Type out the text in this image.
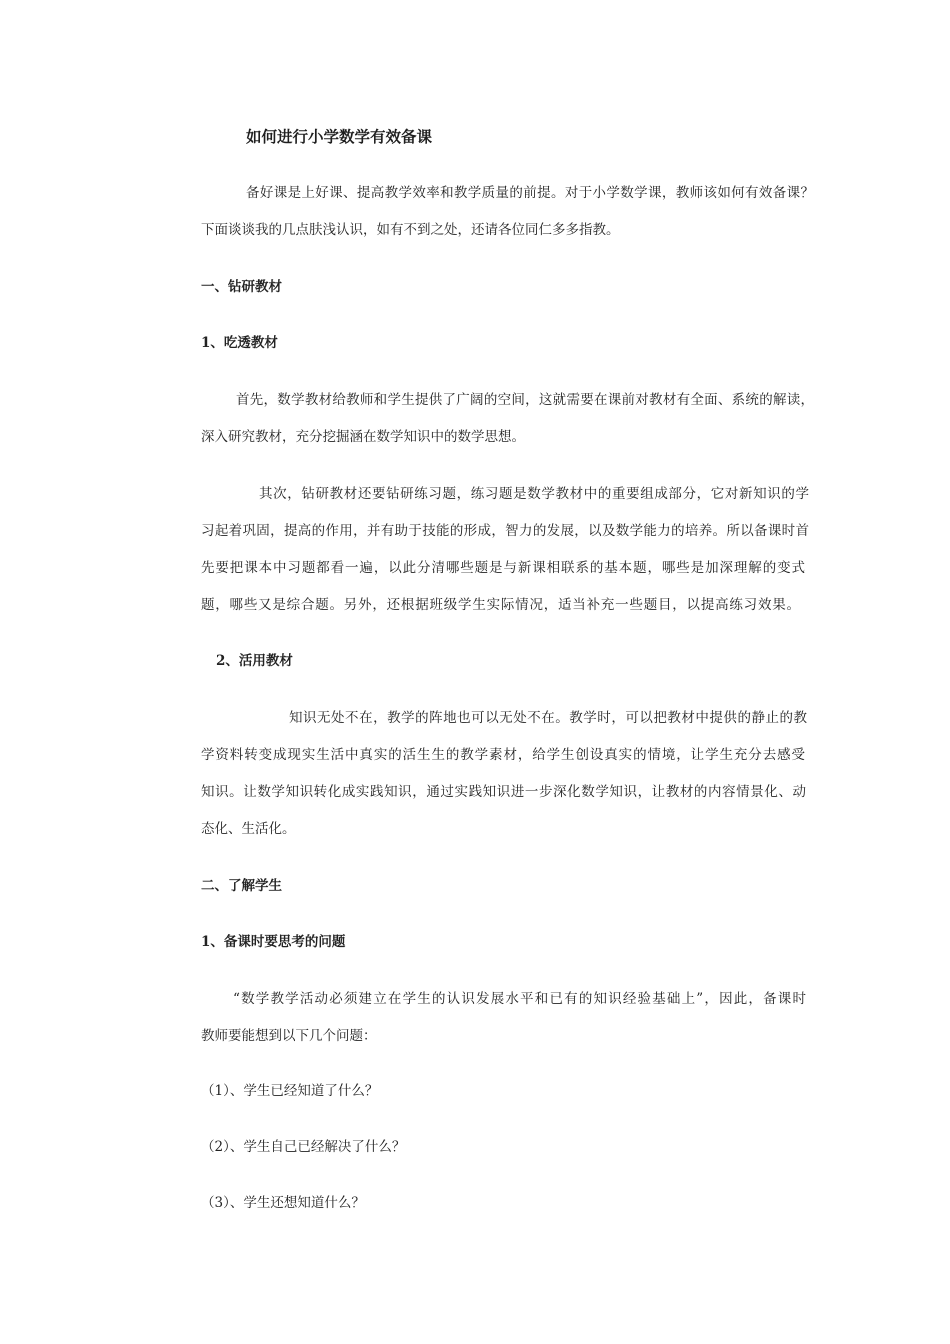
如何进行小学数学有效备课

备好课是上好课、提高教学效率和教学质量的前提。对于小学数学课，教师该如何有效备课？

下面谈谈我的几点肤浅认识，如有不到之处，还请各位同仁多多指教。

一、钻研教材
1、吃透教材

首先，数学教材给教师和学生提供了广阔的空间，这就需要在课前对教材有全面、系统的解读，

深入研究教材，充分挖掘涵在数学知识中的数学思想。

其次，钻研教材还要钻研练习题，练习题是数学教材中的重要组成部分，它对新知识的学

习起着巩固，提高的作用，并有助于技能的形成，智力的发展，以及数学能力的培养。所以备课时首

先要把课本中习题都看一遍，以此分清哪些题是与新课相联系的基本题，哪些是加深理解的变式

题，哪些又是综合题。另外，还根据班级学生实际情况，适当补充一些题目，以提高练习效果。

2、活用教材

知识无处不在，教学的阵地也可以无处不在。教学时，可以把教材中提供的静止的教

学资料转变成现实生活中真实的活生生的教学素材，给学生创设真实的情境，让学生充分去感受

知识。让数学知识转化成实践知识，通过实践知识进一步深化数学知识，让教材的内容情景化、动

态化、生活化。

二、了解学生
1、备课时要思考的问题

“数学教学活动必须建立在学生的认识发展水平和已有的知识经验基础上”，因此，备课时

教师要能想到以下几个问题：

（1）、学生已经知道了什么？

（2）、学生自己已经解决了什么？

（3）、学生还想知道什么？
